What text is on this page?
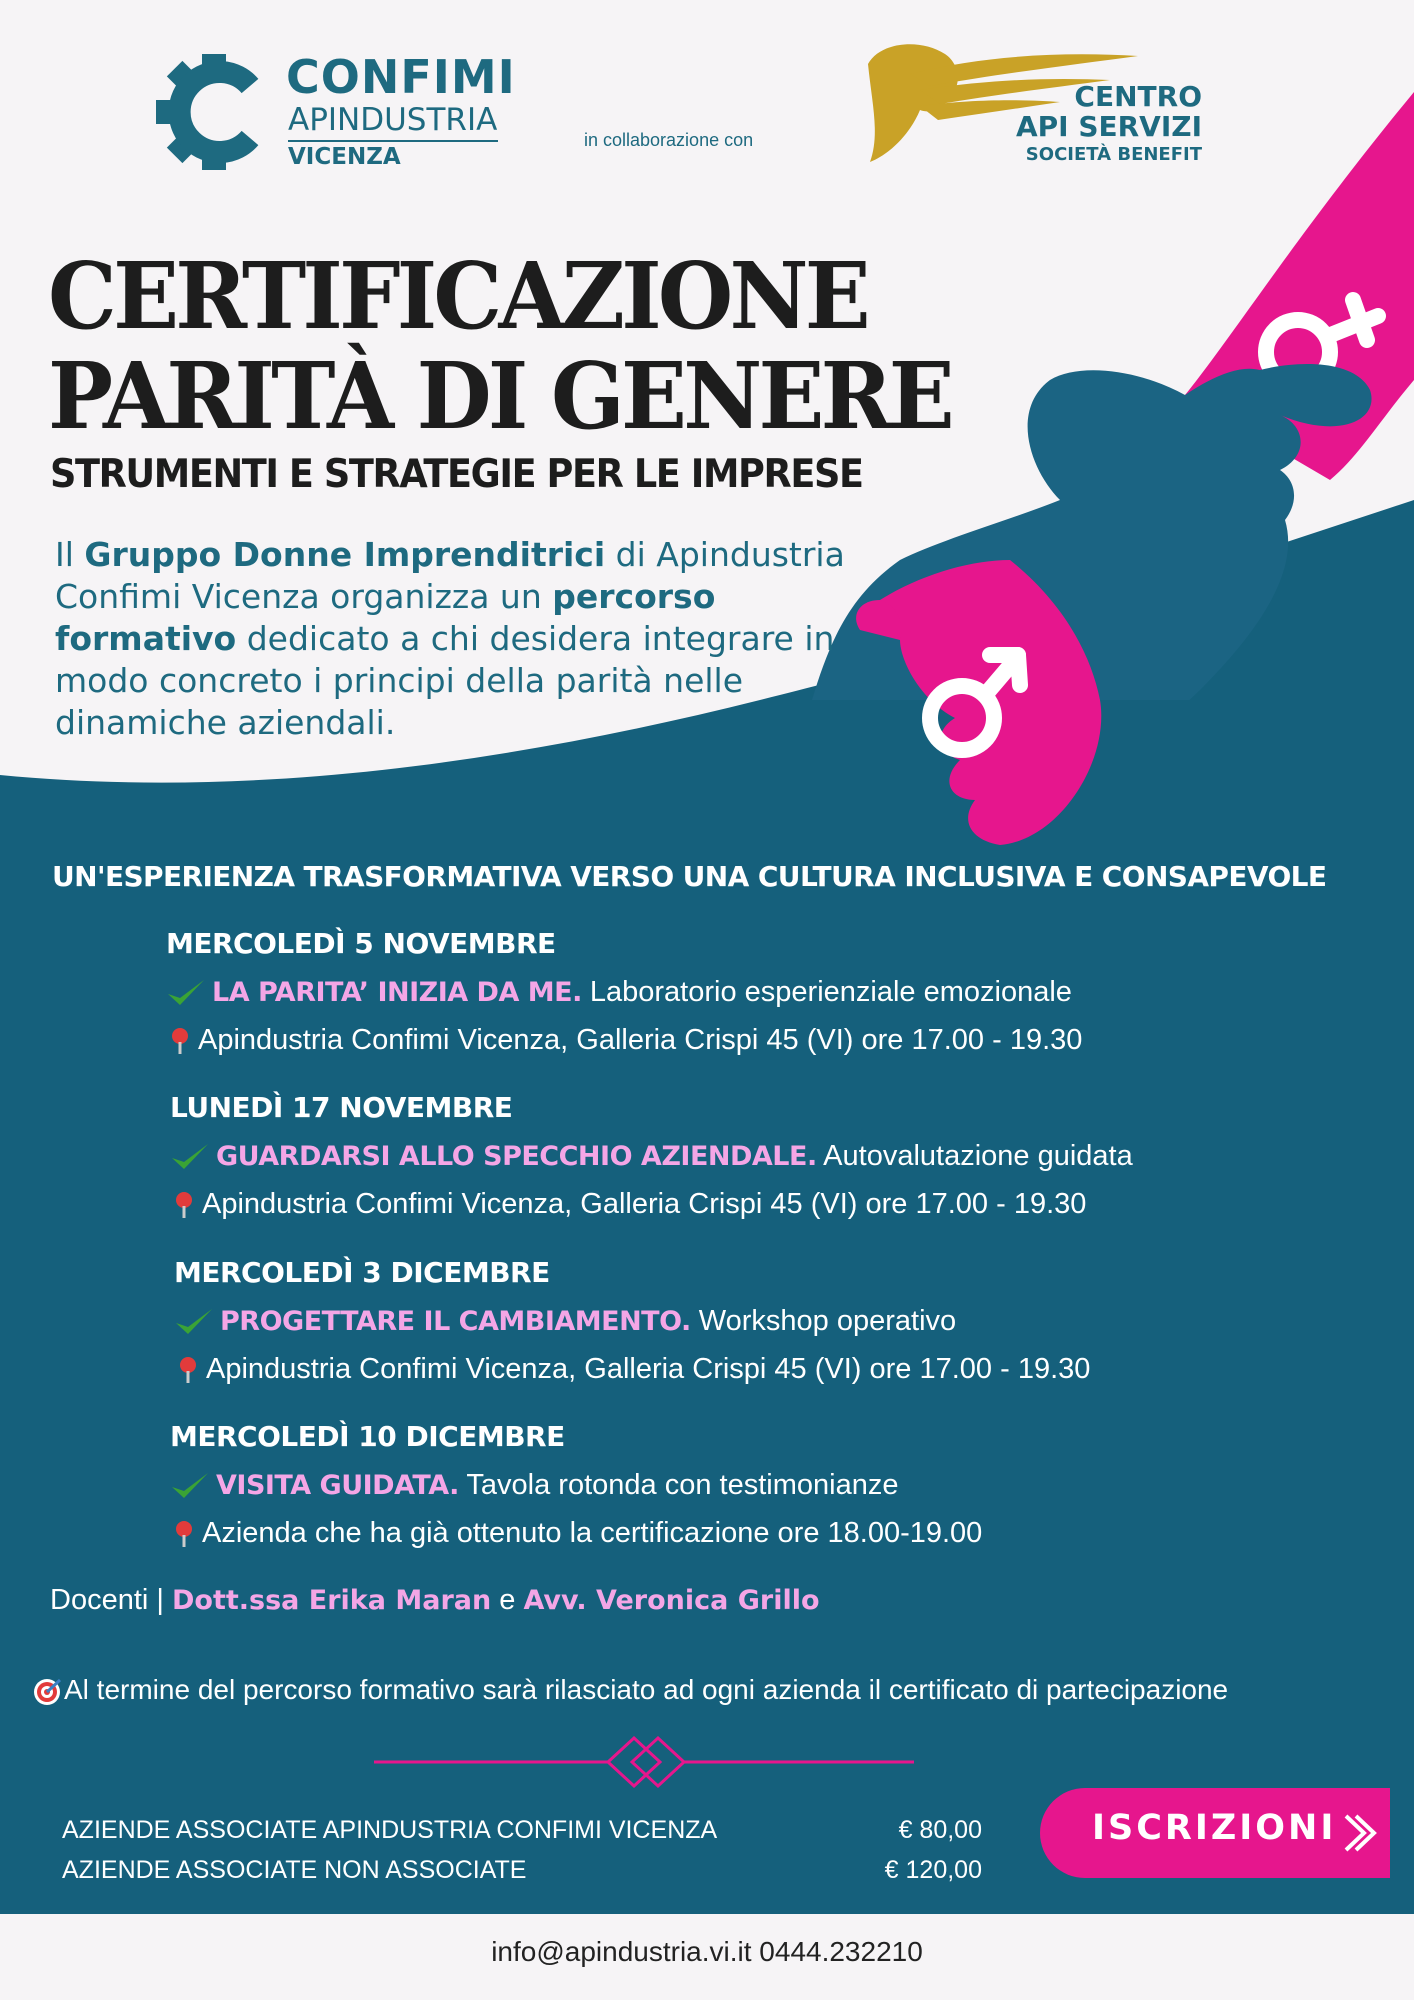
CONFIMI
APINDUSTRIA
VICENZA
in collaborazione con
CENTRO
API SERVIZI
SOCIETÀ BENEFIT
CERTIFICAZIONE
PARITÀ DI GENERE
STRUMENTI E STRATEGIE PER LE IMPRESE
Il Gruppo Donne Imprenditrici di Apindustria Confimi Vicenza organizza un percorso formativo dedicato a chi desidera integrare in modo concreto i principi della parità nelle dinamiche aziendali.
UN'ESPERIENZA TRASFORMATIVA VERSO UNA CULTURA INCLUSIVA E CONSAPEVOLE
MERCOLEDÌ 5 NOVEMBRE
LA PARITA’ INIZIA DA ME. Laboratorio esperienziale emozionale
Apindustria Confimi Vicenza, Galleria Crispi 45 (VI) ore 17.00 - 19.30
LUNEDÌ 17 NOVEMBRE
GUARDARSI ALLO SPECCHIO AZIENDALE. Autovalutazione guidata
Apindustria Confimi Vicenza, Galleria Crispi 45 (VI) ore 17.00 - 19.30
MERCOLEDÌ 3 DICEMBRE
PROGETTARE IL CAMBIAMENTO. Workshop operativo
Apindustria Confimi Vicenza, Galleria Crispi 45 (VI) ore 17.00 - 19.30
MERCOLEDÌ 10 DICEMBRE
VISITA GUIDATA. Tavola rotonda con testimonianze
Azienda che ha già ottenuto la certificazione ore 18.00-19.00
Docenti | Dott.ssa Erika Maran e Avv. Veronica Grillo
Al termine del percorso formativo sarà rilasciato ad ogni azienda il certificato di partecipazione
AZIENDE ASSOCIATE APINDUSTRIA CONFIMI VICENZA	€ 80,00
AZIENDE ASSOCIATE NON ASSOCIATE	€ 120,00
ISCRIZIONI
info@apindustria.vi.it 0444.232210
